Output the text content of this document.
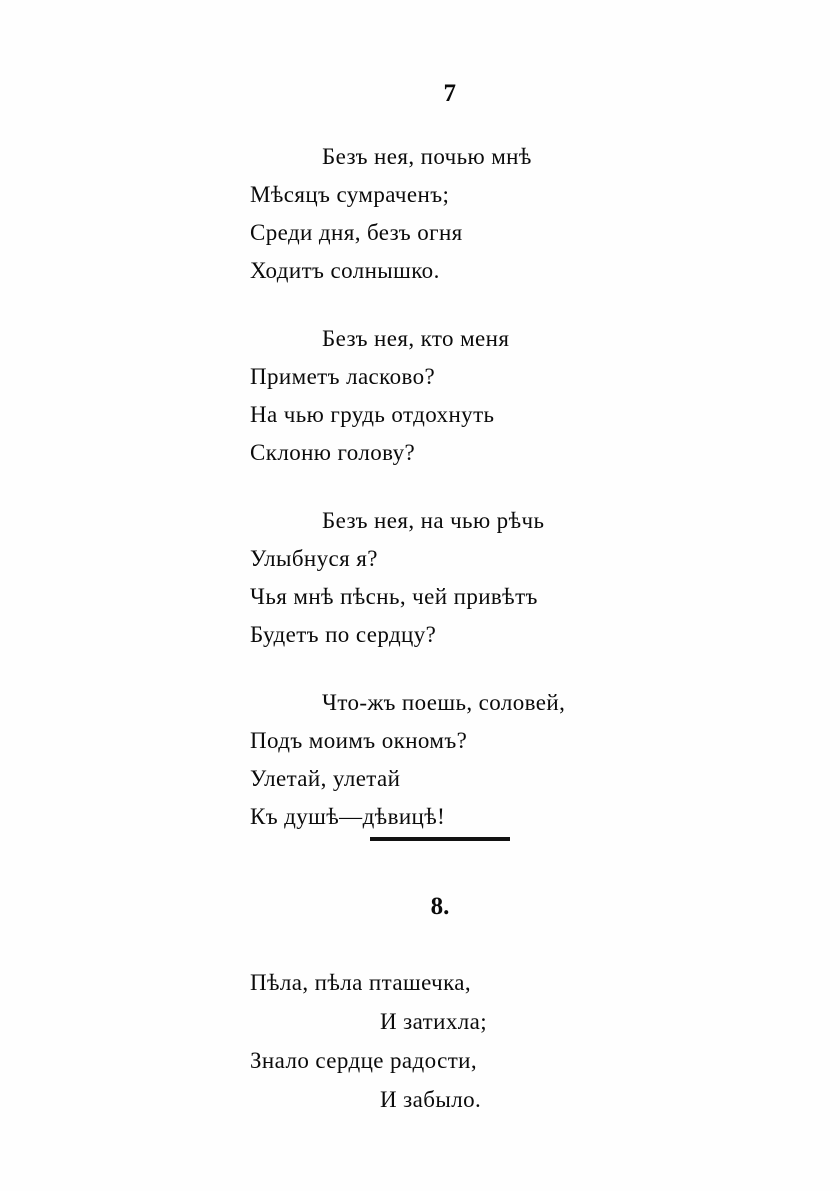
7
Безъ нея, почью мнѣ
Мѣсяцъ сумраченъ;
Среди дня, безъ огня
Ходитъ солнышко.
Безъ нея, кто меня
Приметъ ласково?
На чью грудь отдохнуть
Склоню голову?
Безъ нея, на чью рѣчь
Улыбнуся я?
Чья мнѣ пѣснь, чей привѣтъ
Будетъ по сердцу?
Что-жъ поешь, соловей,
Подъ моимъ окномъ?
Улетай, улетай
Къ душѣ—дѣвицѣ!
8.
Пѣла, пѣла пташечка,
И затихла;
Знало сердце радости,
И забыло.
